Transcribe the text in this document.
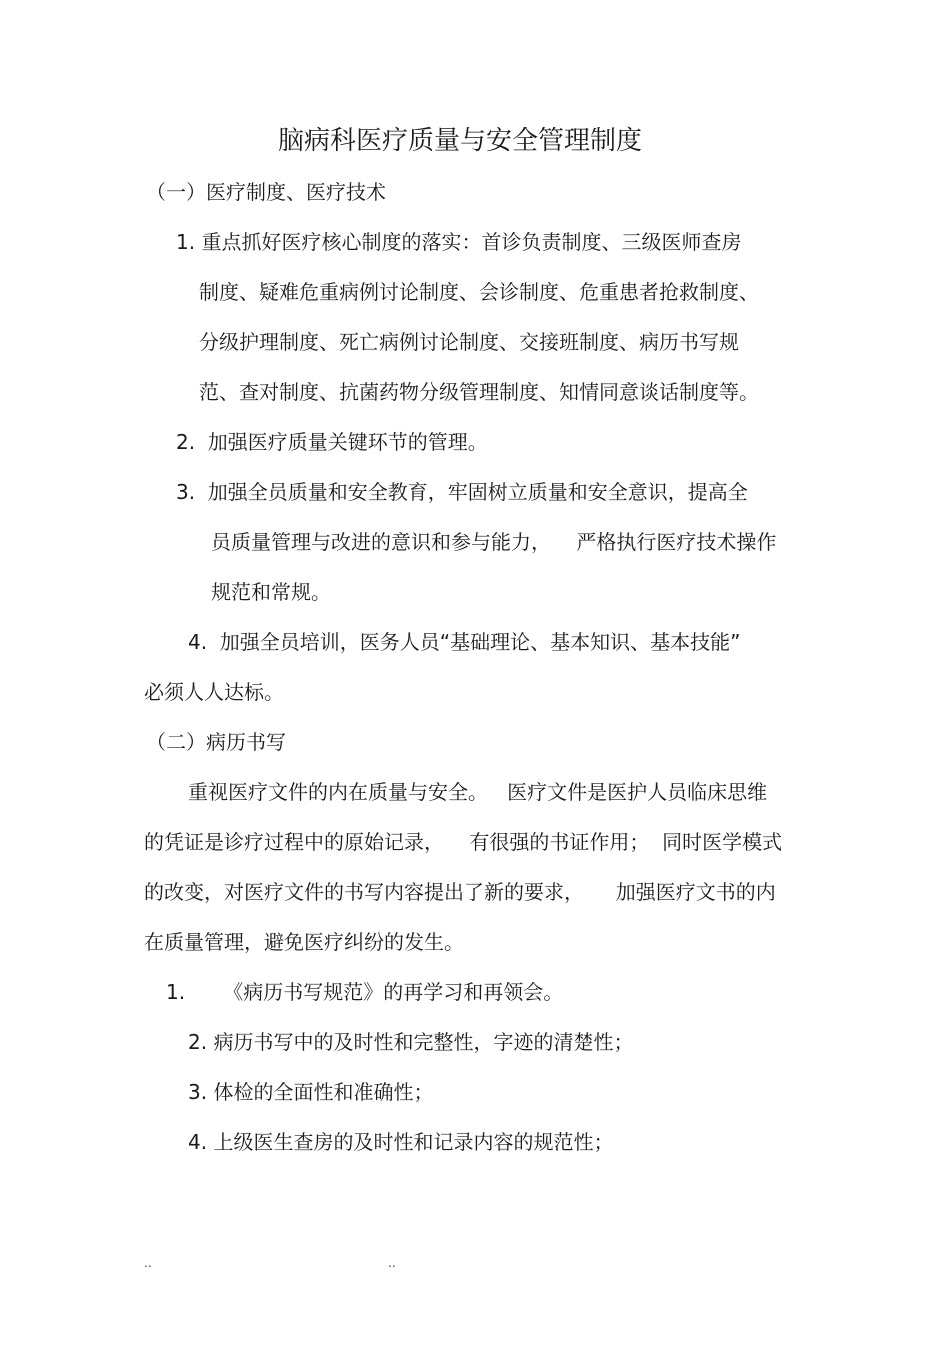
脑病科医疗质量与安全管理制度
（一）医疗制度、医疗技术
1. 重点抓好医疗核心制度的落实：首诊负责制度、三级医师查房
制度、疑难危重病例讨论制度、会诊制度、危重患者抢救制度、
分级护理制度、死亡病例讨论制度、交接班制度、病历书写规
范、查对制度、抗菌药物分级管理制度、知情同意谈话制度等。
2.  加强医疗质量关键环节的管理。
3.  加强全员质量和安全教育，牢固树立质量和安全意识，提高全
员质量管理与改进的意识和参与能力，    严格执行医疗技术操作
规范和常规。
4.  加强全员培训，医务人员“基础理论、基本知识、基本技能”
必须人人达标。
（二）病历书写
重视医疗文件的内在质量与安全。   医疗文件是医护人员临床思维
的凭证是诊疗过程中的原始记录，    有很强的书证作用；  同时医学模式
的改变，对医疗文件的书写内容提出了新的要求，     加强医疗文书的内
在质量管理，避免医疗纠纷的发生。
1.      《病历书写规范》的再学习和再领会。
2. 病历书写中的及时性和完整性，字迹的清楚性；
3. 体检的全面性和准确性；
4. 上级医生查房的及时性和记录内容的规范性；
..	..
